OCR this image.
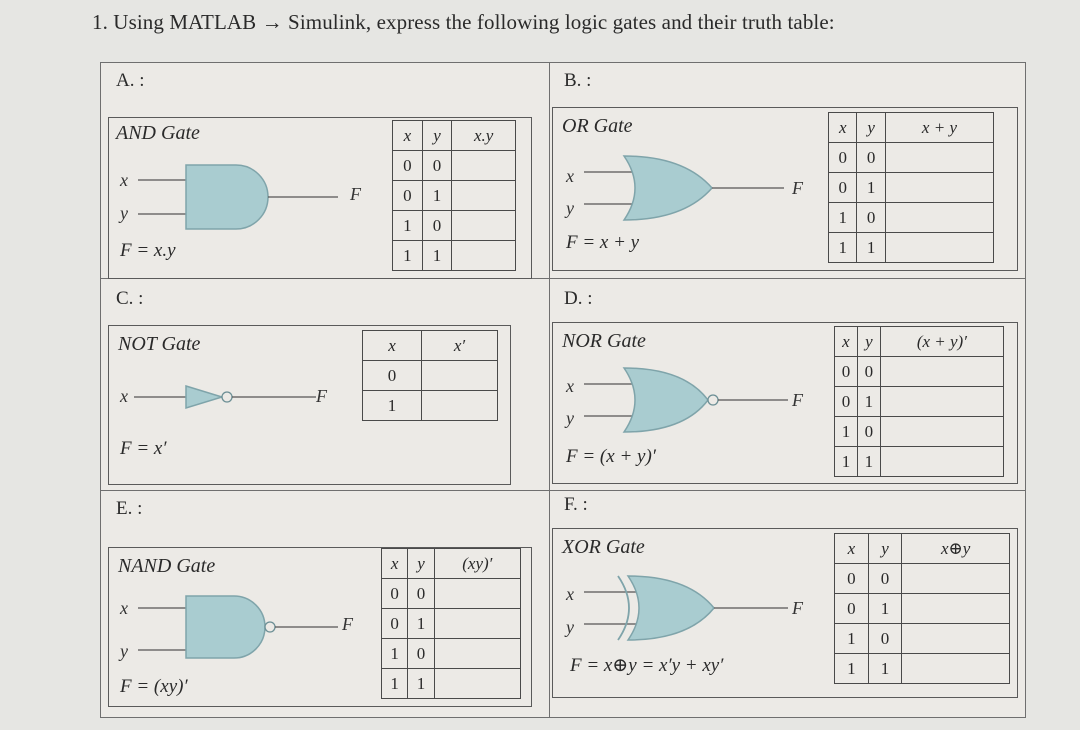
1. Using MATLAB → Simulink, express the following logic gates and their truth table:
A. :
AND Gate
x
y
F
F = x.y
x	y	x.y
0	0	
0	1	
1	0	
1	1	
B. :
OR Gate
x
y
F
F = x + y
x	y	x + y
0	0	
0	1	
1	0	
1	1	
C. :
NOT Gate
x	F
F = x′
x	x′
0	
1	
D. :
NOR Gate
x
y
F
F = (x + y)′
x	y	(x + y)′
0	0	
0	1	
1	0	
1	1	
E. :
NAND Gate
x
y
F
F = (xy)′
x	y	(xy)′
0	0	
0	1	
1	0	
1	1	
F. :
XOR Gate
x
y
F
F = x⊕y = x′y + xy′
x	y	x⊕y
0	0	
0	1	
1	0	
1	1	
